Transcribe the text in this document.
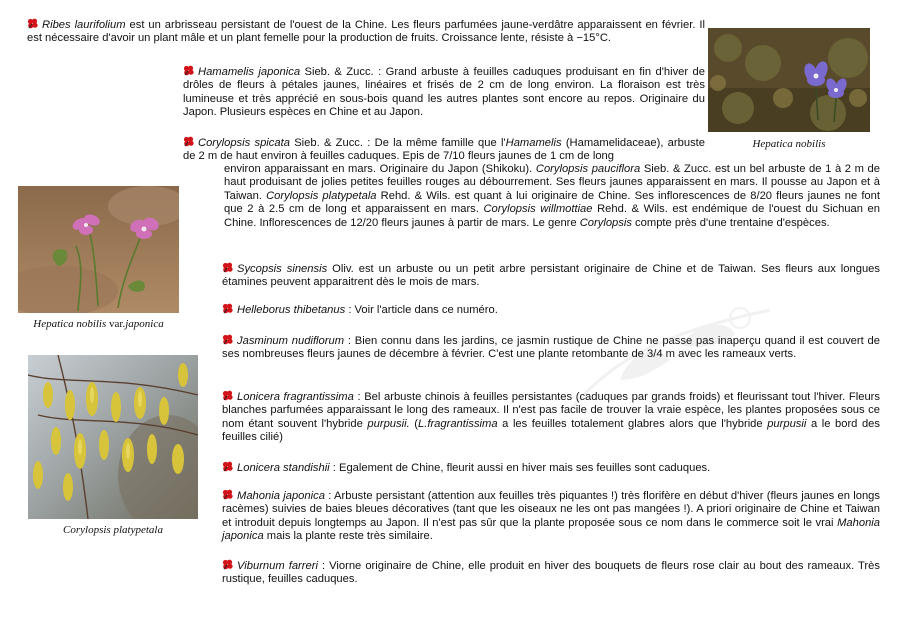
Ribes laurifolium est un arbrisseau persistant de l'ouest de la Chine. Les fleurs parfumées jaune-verdâtre apparaissent en février. Il est nécessaire d'avoir un plant mâle et un plant femelle pour la production de fruits. Croissance lente, résiste à −15°C.
Hamamelis japonica Sieb. & Zucc. : Grand arbuste à feuilles caduques produisant en fin d'hiver de drôles de fleurs à pétales jaunes, linéaires et frisés de 2 cm de long environ. La floraison est très lumineuse et très apprécié en sous-bois quand les autres plantes sont encore au repos. Originaire du Japon. Plusieurs espèces en Chine et au Japon.
Corylopsis spicata Sieb. & Zucc. : De la même famille que l'Hamamelis (Hamamelidaceae), arbuste de 2 m de haut environ à feuilles caduques. Epis de 7/10 fleurs jaunes de 1 cm de long
environ apparaissant en mars. Originaire du Japon (Shikoku). Corylopsis pauciflora Sieb. & Zucc. est un bel arbuste de 1 à 2 m de haut produisant de jolies petites feuilles rouges au débourrement. Ses fleurs jaunes apparaissent en mars. Il pousse au Japon et à Taiwan. Corylopsis platypetala Rehd. & Wils. est quant à lui originaire de Chine. Ses inflorescences de 8/20 fleurs jaunes ne font que 2 à 2.5 cm de long et apparaissent en mars. Corylopsis willmottiae Rehd. & Wils. est endémique de l'ouest du Sichuan en Chine. Inflorescences de 12/20 fleurs jaunes à partir de mars. Le genre Corylopsis compte près d'une trentaine d'espèces.
Sycopsis sinensis Oliv. est un arbuste ou un petit arbre persistant originaire de Chine et de Taiwan. Ses fleurs aux longues étamines peuvent apparaitrent dès le mois de mars.
Helleborus thibetanus : Voir l'article dans ce numéro.
Jasminum nudiflorum : Bien connu dans les jardins, ce jasmin rustique de Chine ne passe pas inaperçu quand il est couvert de ses nombreuses fleurs jaunes de décembre à février. C'est une plante retombante de 3/4 m avec les rameaux verts.
Lonicera fragrantissima : Bel arbuste chinois à feuilles persistantes (caduques par grands froids) et fleurissant tout l'hiver. Fleurs blanches parfumées apparaissant le long des rameaux. Il n'est pas facile de trouver la vraie espèce, les plantes proposées sous ce nom étant souvent l'hybride purpusii. (L.fragrantissima a les feuilles totalement glabres alors que l'hybride purpusii a le bord des feuilles cilié)
Lonicera standishii : Egalement de Chine, fleurit aussi en hiver mais ses feuilles sont caduques.
Mahonia japonica : Arbuste persistant (attention aux feuilles très piquantes !) très florifère en début d'hiver (fleurs jaunes en longs racèmes) suivies de baies bleues décoratives (tant que les oiseaux ne les ont pas mangées !). A priori originaire de Chine et Taiwan et introduit depuis longtemps au Japon. Il n'est pas sûr que la plante proposée sous ce nom dans le commerce soit le vrai Mahonia japonica mais la plante reste très similaire.
Viburnum farreri : Viorne originaire de Chine, elle produit en hiver des bouquets de fleurs rose clair au bout des rameaux. Très rustique, feuilles caduques.
Hepatica nobilis
Hepatica nobilis var.japonica
Corylopsis platypetala
